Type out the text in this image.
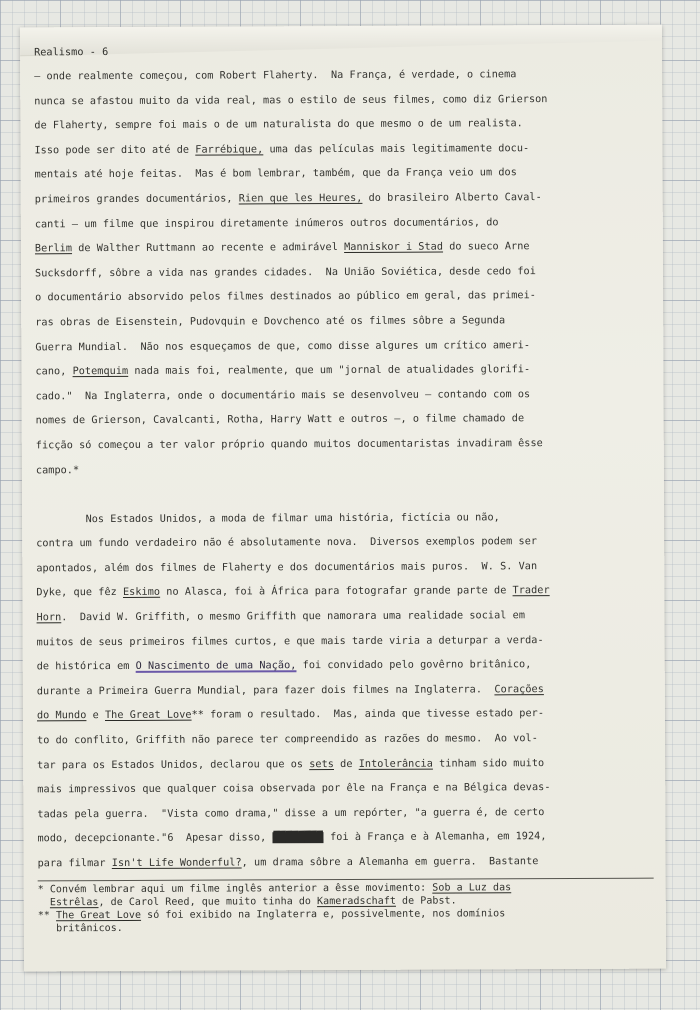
Realismo - 6
— onde realmente começou, com Robert Flaherty.  Na França, é verdade, o cinema
nunca se afastou muito da vida real, mas o estilo de seus filmes, como diz Grierson
de Flaherty, sempre foi mais o de um naturalista do que mesmo o de um realista.
Isso pode ser dito até de Farrébique, uma das películas mais legitimamente docu-
mentais até hoje feitas.  Mas é bom lembrar, também, que da França veio um dos
primeiros grandes documentários, Rien que les Heures, do brasileiro Alberto Caval-
canti — um filme que inspirou diretamente inúmeros outros documentários, do
Berlim de Walther Ruttmann ao recente e admirável Manniskor i Stad do sueco Arne
Sucksdorff, sôbre a vida nas grandes cidades.  Na União Soviética, desde cedo foi
o documentário absorvido pelos filmes destinados ao público em geral, das primei-
ras obras de Eisenstein, Pudovquin e Dovchenco até os filmes sôbre a Segunda
Guerra Mundial.  Não nos esqueçamos de que, como disse algures um crítico ameri-
cano, Potemquim nada mais foi, realmente, que um "jornal de atualidades glorifi-
cado."  Na Inglaterra, onde o documentário mais se desenvolveu — contando com os
nomes de Grierson, Cavalcanti, Rotha, Harry Watt e outros —, o filme chamado de
ficção só começou a ter valor próprio quando muitos documentaristas invadiram êsse
campo.*
Nos Estados Unidos, a moda de filmar uma história, fictícia ou não,
contra um fundo verdadeiro não é absolutamente nova.  Diversos exemplos podem ser
apontados, além dos filmes de Flaherty e dos documentários mais puros.  W. S. Van
Dyke, que fêz Eskimo no Alasca, foi à África para fotografar grande parte de Trader
Horn.  David W. Griffith, o mesmo Griffith que namorara uma realidade social em
muitos de seus primeiros filmes curtos, e que mais tarde viria a deturpar a verda-
de histórica em O Nascimento de uma Nação, foi convidado pelo govêrno britânico,
durante a Primeira Guerra Mundial, para fazer dois filmes na Inglaterra.  Corações
do Mundo e The Great Love** foram o resultado.  Mas, ainda que tivesse estado per-
to do conflito, Griffith não parece ter compreendido as razões do mesmo.  Ao vol-
tar para os Estados Unidos, declarou que os sets de Intolerância tinham sido muito
mais impressivos que qualquer coisa observada por êle na França e na Bélgica devas-
tadas pela guerra.  "Vista como drama," disse a um repórter, "a guerra é, de certo
modo, decepcionante."6  Apesar disso, ████████ foi à França e à Alemanha, em 1924,
para filmar Isn't Life Wonderful?, um drama sôbre a Alemanha em guerra.  Bastante
* Convém lembrar aqui um filme inglês anterior a êsse movimento: Sob a Luz das
Estrêlas, de Carol Reed, que muito tinha do Kameradschaft de Pabst.
** The Great Love só foi exibido na Inglaterra e, possivelmente, nos domínios
britânicos.
